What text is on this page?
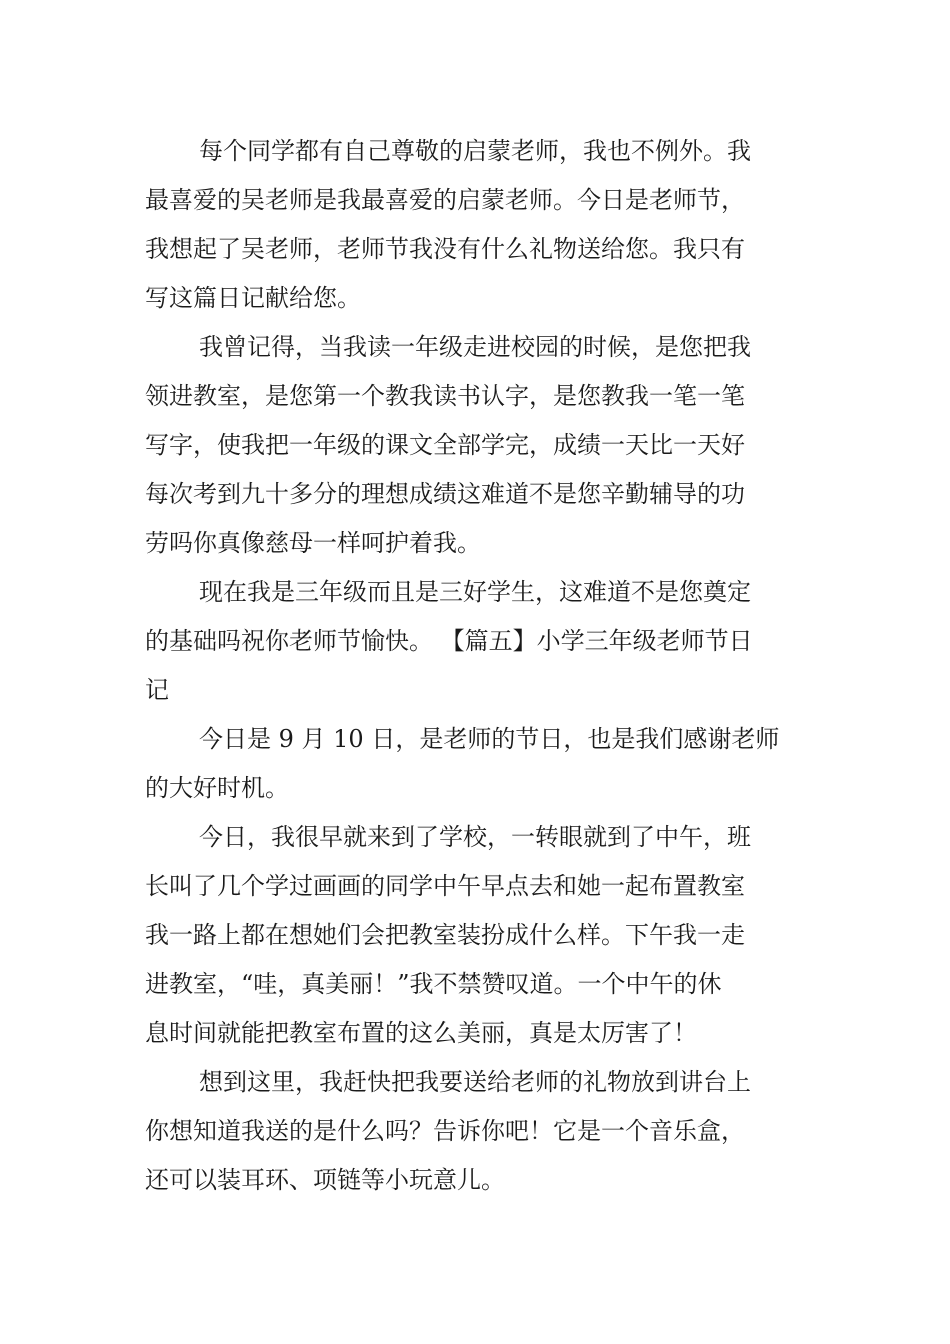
每个同学都有自己尊敬的启蒙老师，我也不例外。我
最喜爱的吴老师是我最喜爱的启蒙老师。今日是老师节，
我想起了吴老师，老师节我没有什么礼物送给您。我只有
写这篇日记献给您。
我曾记得，当我读一年级走进校园的时候，是您把我
领进教室，是您第一个教我读书认字，是您教我一笔一笔
写字，使我把一年级的课文全部学完，成绩一天比一天好
每次考到九十多分的理想成绩这难道不是您辛勤辅导的功
劳吗你真像慈母一样呵护着我。
现在我是三年级而且是三好学生，这难道不是您奠定
的基础吗祝你老师节愉快。 【篇五】小学三年级老师节日
记
今日是 9 月 10 日，是老师的节日，也是我们感谢老师
的大好时机。
今日，我很早就来到了学校，一转眼就到了中午，班
长叫了几个学过画画的同学中午早点去和她一起布置教室
我一路上都在想她们会把教室装扮成什么样。下午我一走
进教室，“哇，真美丽！”我不禁赞叹道。一个中午的休
息时间就能把教室布置的这么美丽，真是太厉害了！
想到这里，我赶快把我要送给老师的礼物放到讲台上
你想知道我送的是什么吗？告诉你吧！它是一个音乐盒，
还可以装耳环、项链等小玩意儿。
